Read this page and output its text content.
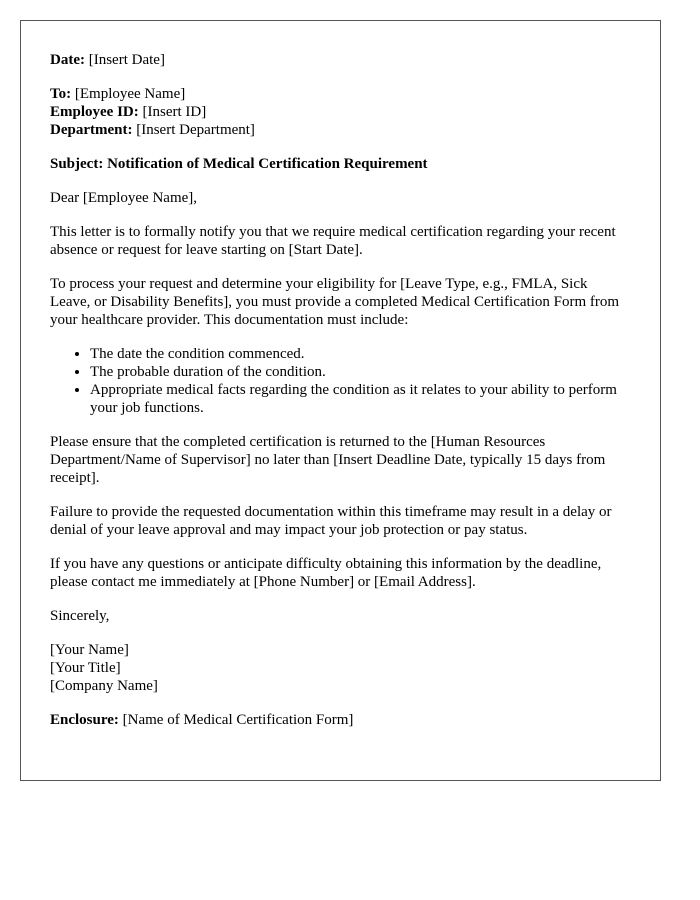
Date: [Insert Date]

To: [Employee Name]

Employee ID: [Insert ID]

Department: [Insert Department]

Subject: Notification of Medical Certification Requirement

Dear [Employee Name],

This letter is to formally notify you that we require medical certification regarding your recent absence or request for leave starting on [Start Date].

To process your request and determine your eligibility for [Leave Type, e.g., FMLA, Sick Leave, or Disability Benefits], you must provide a completed Medical Certification Form from your healthcare provider. This documentation must include:

• The date the condition commenced.
• The probable duration of the condition.
• Appropriate medical facts regarding the condition as it relates to your ability to perform your job functions.

Please ensure that the completed certification is returned to the [Human Resources Department/Name of Supervisor] no later than [Insert Deadline Date, typically 15 days from receipt].

Failure to provide the requested documentation within this timeframe may result in a delay or denial of your leave approval and may impact your job protection or pay status.

If you have any questions or anticipate difficulty obtaining this information by the deadline, please contact me immediately at [Phone Number] or [Email Address].

Sincerely,

[Your Name]

[Your Title]

[Company Name]

Enclosure: [Name of Medical Certification Form]
